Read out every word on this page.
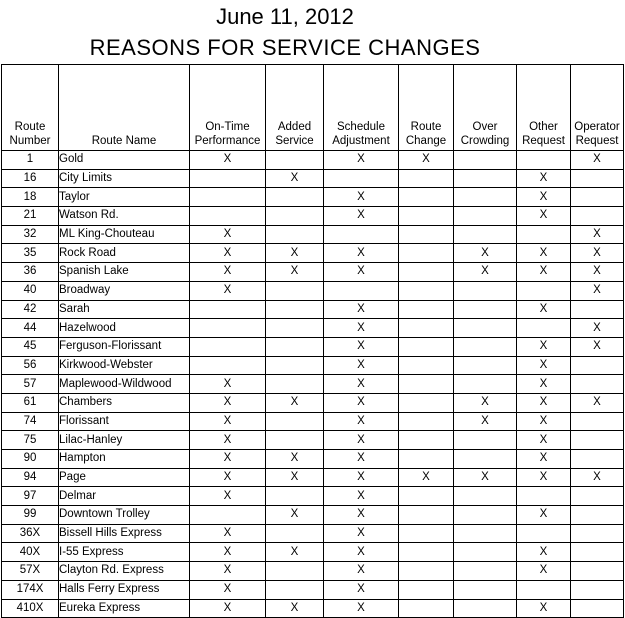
June 11, 2012
REASONS FOR SERVICE CHANGES
Route Number	Route Name	On-Time Performance	Added Service	Schedule Adjustment	Route Change	Over Crowding	Other Request	Operator Request
1	Gold	X		X	X			X
16	City Limits		X				X	
18	Taylor			X			X	
21	Watson Rd.			X			X	
32	ML King-Chouteau	X						X
35	Rock Road	X	X	X		X	X	X
36	Spanish Lake	X	X	X		X	X	X
40	Broadway	X						X
42	Sarah			X			X	
44	Hazelwood			X				X
45	Ferguson-Florissant			X			X	X
56	Kirkwood-Webster			X			X	
57	Maplewood-Wildwood	X		X			X	
61	Chambers	X	X	X		X	X	X
74	Florissant	X		X		X	X	
75	Lilac-Hanley	X		X			X	
90	Hampton	X	X	X			X	
94	Page	X	X	X	X	X	X	X
97	Delmar	X		X				
99	Downtown Trolley		X	X			X	
36X	Bissell Hills Express	X		X				
40X	I-55 Express	X	X	X			X	
57X	Clayton Rd. Express	X		X			X	
174X	Halls Ferry Express	X		X				
410X	Eureka Express	X	X	X			X	
